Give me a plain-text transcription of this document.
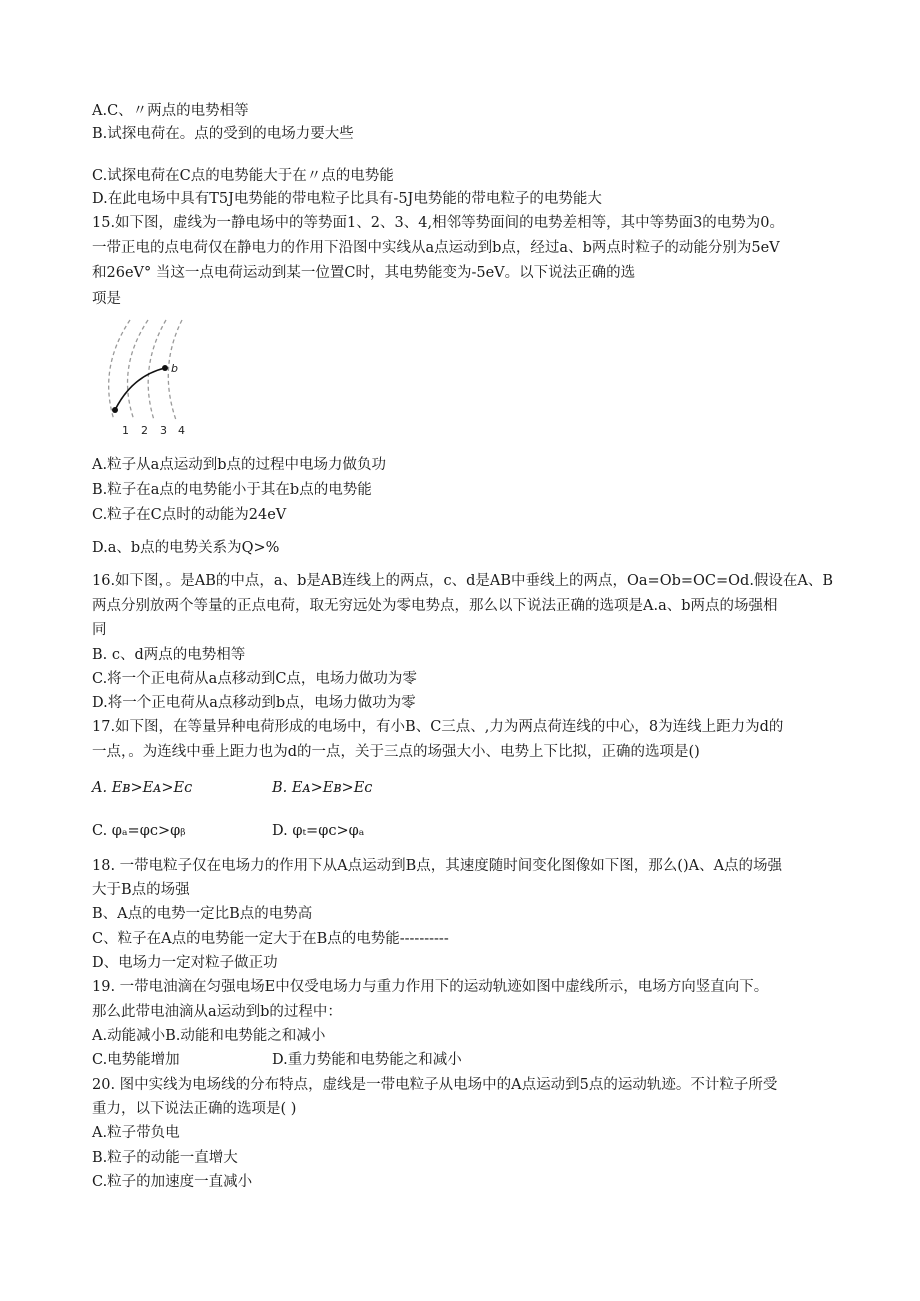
A.C、〃两点的电势相等
B.试探电荷在。点的受到的电场力要大些
C.试探电荷在C点的电势能大于在〃点的电势能
D.在此电场中具有T5J电势能的带电粒子比具有-5J电势能的带电粒子的电势能大
15.如下图，虚线为一静电场中的等势面1、2、3、4,相邻等势面间的电势差相等，其中等势面3的电势为0。
一带正电的点电荷仅在静电力的作用下沿图中实线从a点运动到b点，经过a、b两点时粒子的动能分别为5eV
和26eV° 当这一点电荷运动到某一位置C时，其电势能变为-5eV。以下说法正确的选
项是
b
1 2 3 4
A.粒子从a点运动到b点的过程中电场力做负功
B.粒子在a点的电势能小于其在b点的电势能
C.粒子在C点时的动能为24eV
D.a、b点的电势关系为Q>%
16.如下图，。是AB的中点，a、b是AB连线上的两点，c、d是AB中垂线上的两点，Oa=Ob=OC=Od.假设在A、B
两点分别放两个等量的正点电荷，取无穷远处为零电势点，那么以下说法正确的选项是A.a、b两点的场强相
同
B. c、d两点的电势相等
C.将一个正电荷从a点移动到C点，电场力做功为零
D.将一个正电荷从a点移动到b点，电场力做功为零
17.如下图，在等量异种电荷形成的电场中，有小B、C三点、,力为两点荷连线的中心，8为连线上距力为d的
一点，。为连线中垂上距力也为d的一点，关于三点的场强大小、电势上下比拟，正确的选项是()
A. Eʙ>Eᴀ>Eᴄ	B. Eᴀ>Eʙ>Eᴄ
C. φₐ=φᴄ>φᵦ	D. φₜ=φᴄ>φₐ
18. 一带电粒子仅在电场力的作用下从A点运动到B点，其速度随时间变化图像如下图，那么()A、A点的场强
大于B点的场强
B、A点的电势一定比B点的电势高
C、粒子在A点的电势能一定大于在B点的电势能----------
D、电场力一定对粒子做正功
19. 一带电油滴在匀强电场E中仅受电场力与重力作用下的运动轨迹如图中虚线所示，电场方向竖直向下。
那么此带电油滴从a运动到b的过程中：
A.动能减小B.动能和电势能之和减小
C.电势能增加	D.重力势能和电势能之和减小
20. 图中实线为电场线的分布特点，虚线是一带电粒子从电场中的A点运动到5点的运动轨迹。不计粒子所受
重力，以下说法正确的选项是( )
A.粒子带负电
B.粒子的动能一直增大
C.粒子的加速度一直减小
